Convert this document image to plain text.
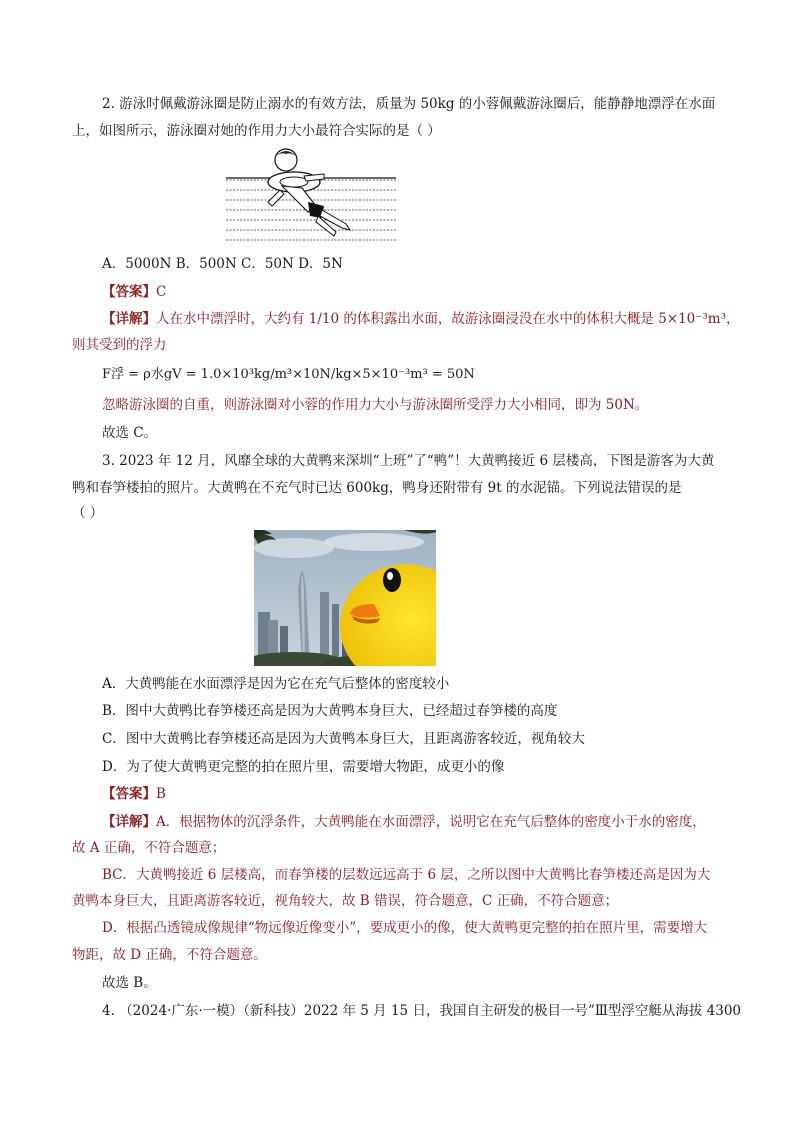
2. 游泳时佩戴游泳圈是防止溺水的有效方法，质量为 50kg 的小蓉佩戴游泳圈后，能静静地漂浮在水面
上，如图所示，游泳圈对她的作用力大小最符合实际的是（ ）
A．5000N B．500N C．50N D．5N
【答案】C
【详解】人在水中漂浮时，大约有 1/10 的体积露出水面，故游泳圈浸没在水中的体积大概是 5×10⁻³m³，
则其受到的浮力
F浮 = ρ水gV = 1.0×10³kg/m³×10N/kg×5×10⁻³m³ = 50N
忽略游泳圈的自重，则游泳圈对小蓉的作用力大小与游泳圈所受浮力大小相同，即为 50N。
故选 C。
3. 2023 年 12 月，风靡全球的大黄鸭来深圳“上班”了“鸭”！大黄鸭接近 6 层楼高，下图是游客为大黄
鸭和春笋楼拍的照片。大黄鸭在不充气时已达 600kg，鸭身还附带有 9t 的水泥锚。下列说法错误的是
（ ）
A．大黄鸭能在水面漂浮是因为它在充气后整体的密度较小
B．图中大黄鸭比春笋楼还高是因为大黄鸭本身巨大，已经超过春笋楼的高度
C．图中大黄鸭比春笋楼还高是因为大黄鸭本身巨大，且距离游客较近，视角较大
D．为了使大黄鸭更完整的拍在照片里，需要增大物距，成更小的像
【答案】B
【详解】A．根据物体的沉浮条件，大黄鸭能在水面漂浮，说明它在充气后整体的密度小于水的密度，
故 A 正确，不符合题意；
BC．大黄鸭接近 6 层楼高，而春笋楼的层数远远高于 6 层，之所以图中大黄鸭比春笋楼还高是因为大
黄鸭本身巨大，且距离游客较近，视角较大，故 B 错误，符合题意，C 正确，不符合题意；
D．根据凸透镜成像规律“物远像近像变小”，要成更小的像，使大黄鸭更完整的拍在照片里，需要增大
物距，故 D 正确，不符合题意。
故选 B。
4. （2024·广东·一模）（新科技）2022 年 5 月 15 日，我国自主研发的极目一号”Ⅲ型浮空艇从海拔 4300
